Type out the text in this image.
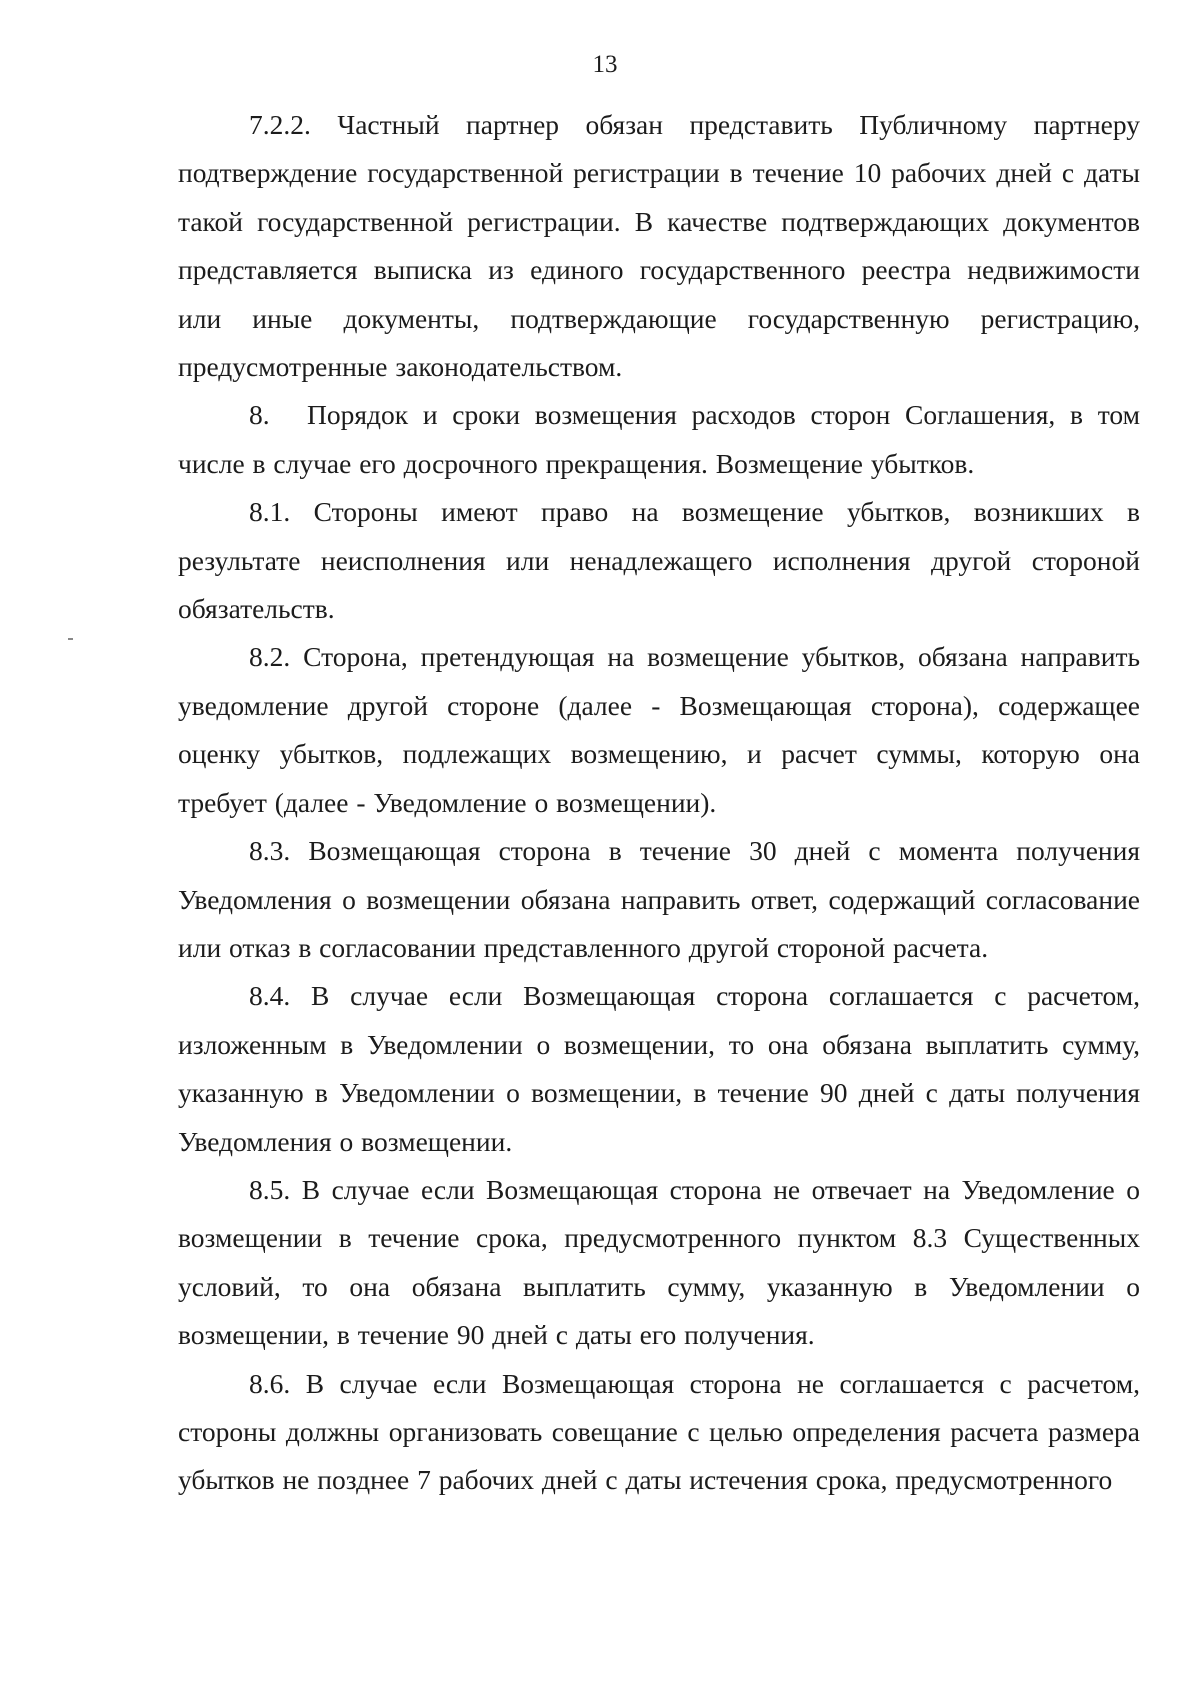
13

7.2.2. Частный партнер обязан представить Публичному партнеру подтверждение государственной регистрации в течение 10 рабочих дней с даты такой государственной регистрации. В качестве подтверждающих документов представляется выписка из единого государственного реестра недвижимости или иные документы, подтверждающие государственную регистрацию, предусмотренные законодательством.

8. Порядок и сроки возмещения расходов сторон Соглашения, в том числе в случае его досрочного прекращения. Возмещение убытков.

8.1. Стороны имеют право на возмещение убытков, возникших в результате неисполнения или ненадлежащего исполнения другой стороной обязательств.

8.2. Сторона, претендующая на возмещение убытков, обязана направить уведомление другой стороне (далее - Возмещающая сторона), содержащее оценку убытков, подлежащих возмещению, и расчет суммы, которую она требует (далее - Уведомление о возмещении).

8.3. Возмещающая сторона в течение 30 дней с момента получения Уведомления о возмещении обязана направить ответ, содержащий согласование или отказ в согласовании представленного другой стороной расчета.

8.4. В случае если Возмещающая сторона соглашается с расчетом, изложенным в Уведомлении о возмещении, то она обязана выплатить сумму, указанную в Уведомлении о возмещении, в течение 90 дней с даты получения Уведомления о возмещении.

8.5. В случае если Возмещающая сторона не отвечает на Уведомление о возмещении в течение срока, предусмотренного пунктом 8.3 Существенных условий, то она обязана выплатить сумму, указанную в Уведомлении о возмещении, в течение 90 дней с даты его получения.

8.6. В случае если Возмещающая сторона не соглашается с расчетом, стороны должны организовать совещание с целью определения расчета размера убытков не позднее 7 рабочих дней с даты истечения срока, предусмотренного
